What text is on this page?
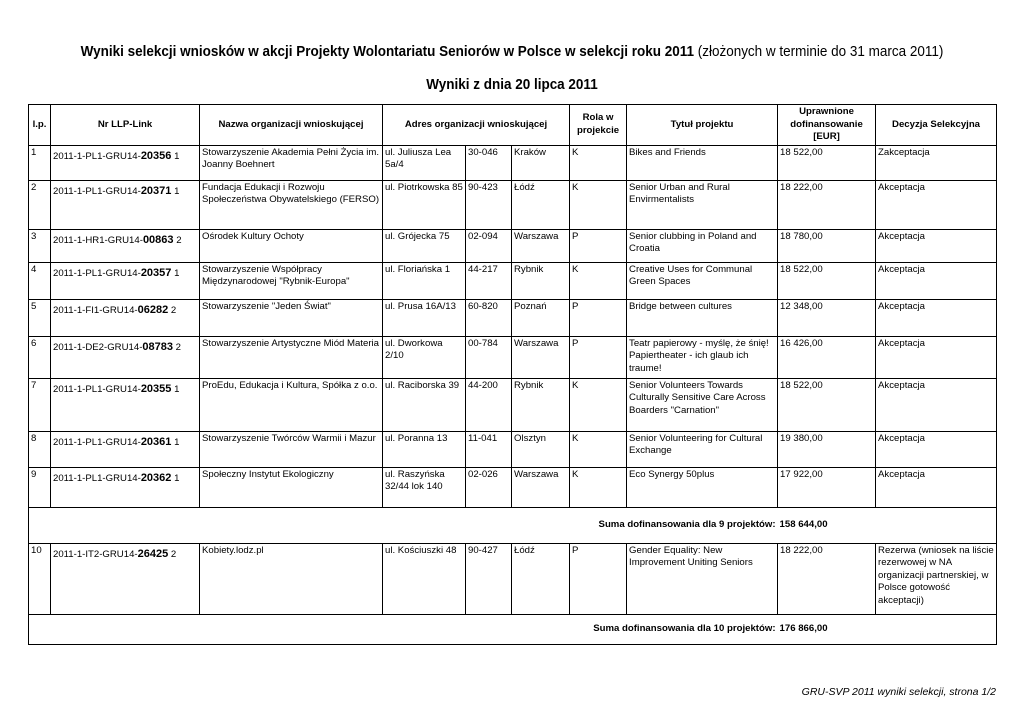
Wyniki selekcji wniosków w akcji Projekty Wolontariatu Seniorów w Polsce w selekcji roku 2011 (złożonych w terminie do 31 marca 2011)
Wyniki z dnia 20 lipca 2011
l.p.	Nr LLP-Link	Nazwa organizacji wnioskującej	Adres organizacji wnioskującej			Rola w projekcie	Tytuł projektu	Uprawnione dofinansowanie [EUR]	Decyzja Selekcyjna
1	2011-1-PL1-GRU14-20356 1	Stowarzyszenie Akademia Pełni Życia im. Joanny Boehnert	ul. Juliusza Lea 5a/4	30-046	Kraków	K	Bikes and Friends	18 522,00	Zakceptacja
2	2011-1-PL1-GRU14-20371 1	Fundacja Edukacji i Rozwoju Społeczeństwa Obywatelskiego (FERSO)	ul. Piotrkowska 85	90-423	Łódź	K	Senior Urban and Rural Envirmentalists	18 222,00	Akceptacja
3	2011-1-HR1-GRU14-00863 2	Ośrodek Kultury Ochoty	ul. Grójecka 75	02-094	Warszawa	P	Senior clubbing in Poland and Croatia	18 780,00	Akceptacja
4	2011-1-PL1-GRU14-20357 1	Stowarzyszenie Współpracy Międzynarodowej "Rybnik-Europa"	ul. Floriańska 1	44-217	Rybnik	K	Creative Uses for Communal Green Spaces	18 522,00	Akceptacja
5	2011-1-FI1-GRU14-06282 2	Stowarzyszenie "Jeden Świat"	ul. Prusa 16A/13	60-820	Poznań	P	Bridge between cultures	12 348,00	Akceptacja
6	2011-1-DE2-GRU14-08783 2	Stowarzyszenie Artystyczne Miód Materia	ul. Dworkowa 2/10	00-784	Warszawa	P	Teatr papierowy - myślę, że śnię! Papiertheater - ich glaub ich traume!	16 426,00	Akceptacja
7	2011-1-PL1-GRU14-20355 1	ProEdu, Edukacja i Kultura, Spółka z o.o.	ul. Raciborska 39	44-200	Rybnik	K	Senior Volunteers Towards Culturally Sensitive Care Across Boarders "Carnation"	18 522,00	Akceptacja
8	2011-1-PL1-GRU14-20361 1	Stowarzyszenie Twórców Warmii i Mazur	ul. Poranna 13	11-041	Olsztyn	K	Senior Volunteering for Cultural Exchange	19 380,00	Akceptacja
9	2011-1-PL1-GRU14-20362 1	Społeczny Instytut Ekologiczny	ul. Raszyńska 32/44 lok 140	02-026	Warszawa	K	Eco Synergy 50plus	17 922,00	Akceptacja
Suma dofinansowania dla 9 projektów:								158 644,00	
10	2011-1-IT2-GRU14-26425 2	Kobiety.lodz.pl	ul. Kościuszki 48	90-427	Łódź	P	Gender Equality: New Improvement Uniting Seniors	18 222,00	Rezerwa (wniosek na liście rezerwowej w NA organizacji partnerskiej, w Polsce gotowość akceptacji)
Suma dofinansowania dla 10 projektów:								176 866,00	
GRU-SVP 2011 wyniki selekcji, strona 1/2
